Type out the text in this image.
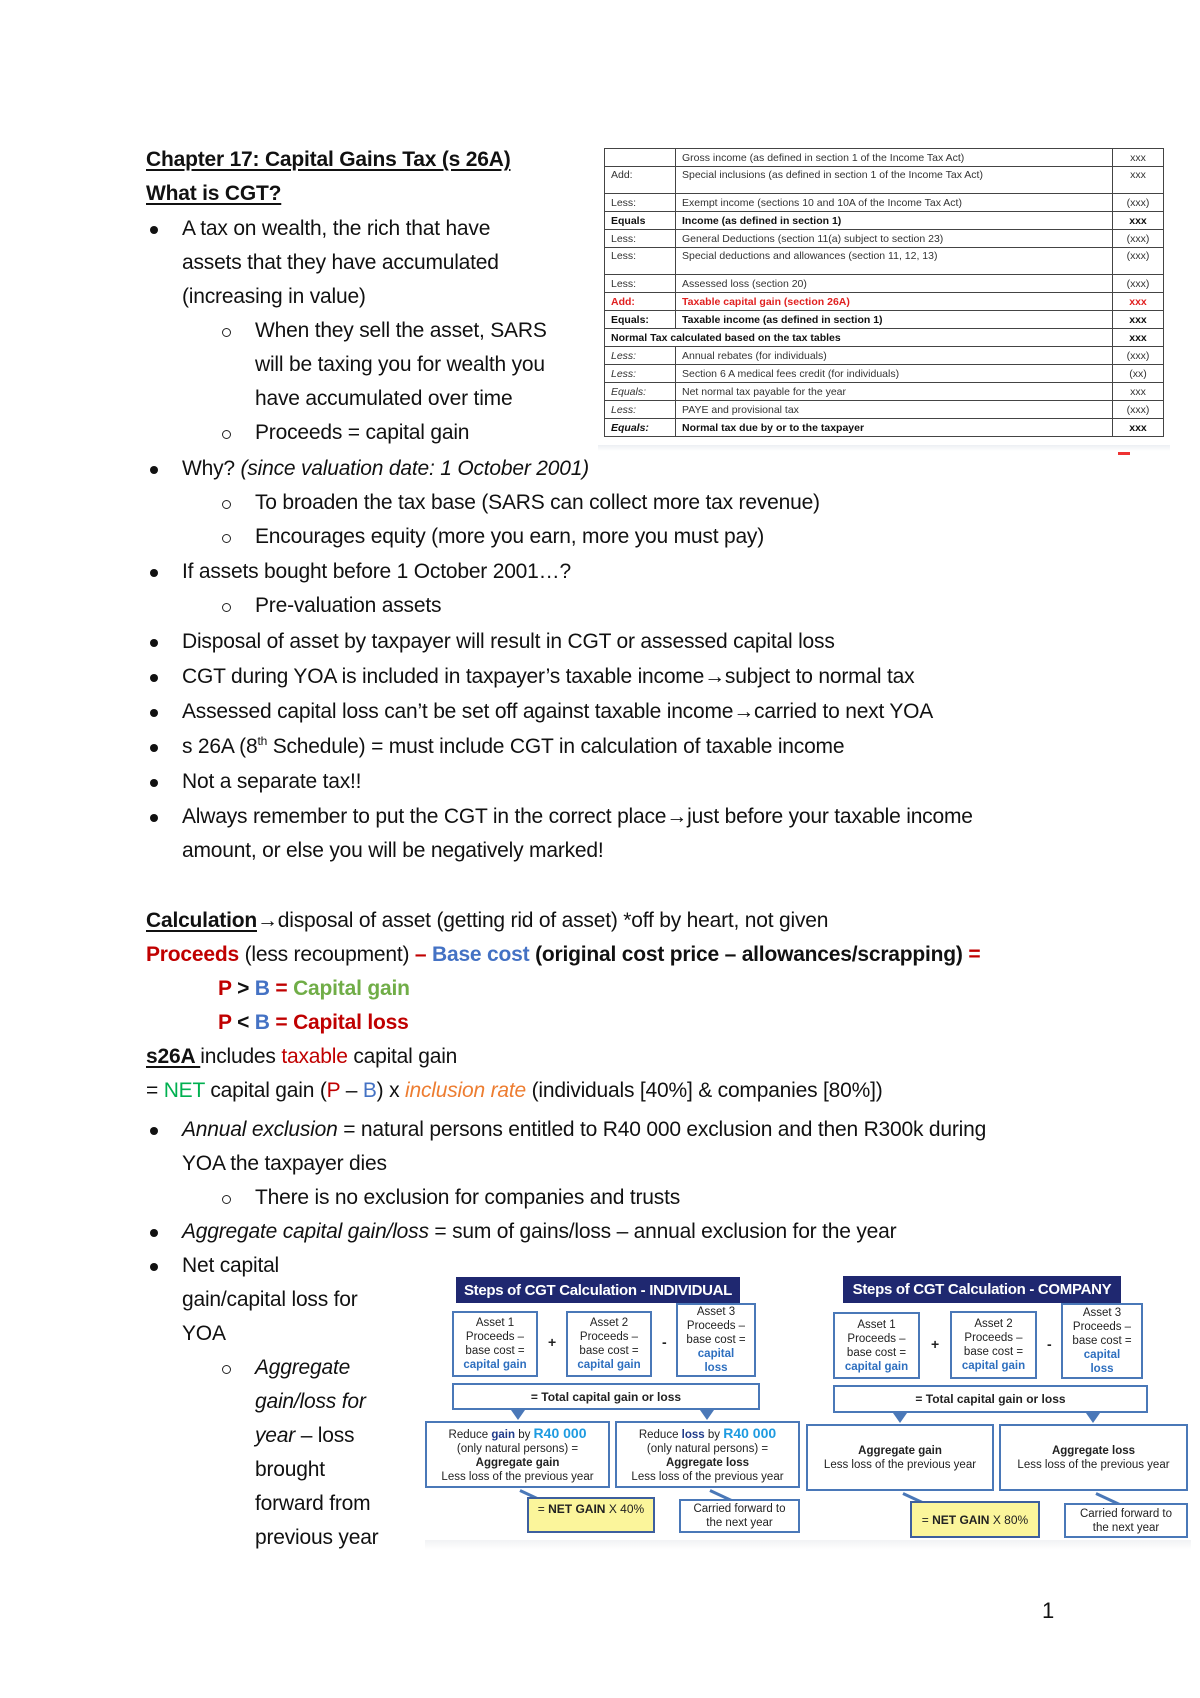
Chapter 17: Capital Gains Tax (s 26A)
What is CGT?
A tax on wealth, the rich that have
assets that they have accumulated
(increasing in value)
When they sell the asset, SARS
will be taxing you for wealth you
have accumulated over time
Proceeds = capital gain
	Gross income (as defined in section 1 of the Income Tax Act)	xxx
Add:	Special inclusions (as defined in section 1 of the Income Tax Act)	xxx
Less:	Exempt income (sections 10 and 10A of the Income Tax Act)	(xxx)
Equals	Income (as defined in section 1)	xxx
Less:	General Deductions (section 11(a) subject to section 23)	(xxx)
Less:	Special deductions and allowances (section 11, 12, 13)	(xxx)
Less:	Assessed loss (section 20)	(xxx)
Add:	Taxable capital gain (section 26A)	xxx
Equals:	Taxable income (as defined in section 1)	xxx
Normal Tax calculated based on the tax tables		xxx
Less:	Annual rebates (for individuals)	(xxx)
Less:	Section 6 A medical fees credit (for individuals)	(xx)
Equals:	Net normal tax payable for the year	xxx
Less:	PAYE and provisional tax	(xxx)
Equals:	Normal tax due by or to the taxpayer	xxx
Why? (since valuation date: 1 October 2001)
To broaden the tax base (SARS can collect more tax revenue)
Encourages equity (more you earn, more you must pay)
If assets bought before 1 October 2001…?
Pre-valuation assets
Disposal of asset by taxpayer will result in CGT or assessed capital loss
CGT during YOA is included in taxpayer’s taxable income→subject to normal tax
Assessed capital loss can’t be set off against taxable income→carried to next YOA
s 26A (8th Schedule) = must include CGT in calculation of taxable income
Not a separate tax!!
Always remember to put the CGT in the correct place→just before your taxable income
amount, or else you will be negatively marked!
Calculation→disposal of asset (getting rid of asset) *off by heart, not given
Proceeds (less recoupment) – Base cost (original cost price – allowances/scrapping) =
P > B = Capital gain
P < B = Capital loss
s26A includes taxable capital gain
= NET capital gain (P – B) x inclusion rate (individuals [40%] & companies [80%])
Annual exclusion = natural persons entitled to R40 000 exclusion and then R300k during
YOA the taxpayer dies
There is no exclusion for companies and trusts
Aggregate capital gain/loss = sum of gains/loss – annual exclusion for the year
Net capital
gain/capital loss for
YOA
Aggregate
gain/loss for
year – loss
brought
forward from
previous year
Steps of CGT Calculation - INDIVIDUAL
Asset 1
Proceeds –
base cost =
capital gain
+
Asset 2
Proceeds –
base cost =
capital gain
-
Asset 3
Proceeds –
base cost =
capital
loss
= Total capital gain or loss
Reduce gain by R40 000
(only natural persons) =
Aggregate gain
Less loss of the previous year
Reduce loss by R40 000
(only natural persons) =
Aggregate loss
Less loss of the previous year
= NET GAIN X 40%	Carried forward to
the next year
Steps of CGT Calculation - COMPANY
Asset 1
Proceeds –
base cost =
capital gain
+
Asset 2
Proceeds –
base cost =
capital gain
-
Asset 3
Proceeds –
base cost =
capital
loss
= Total capital gain or loss
Aggregate gain
Less loss of the previous year
Aggregate loss
Less loss of the previous year
= NET GAIN X 80%	Carried forward to
the next year
1
